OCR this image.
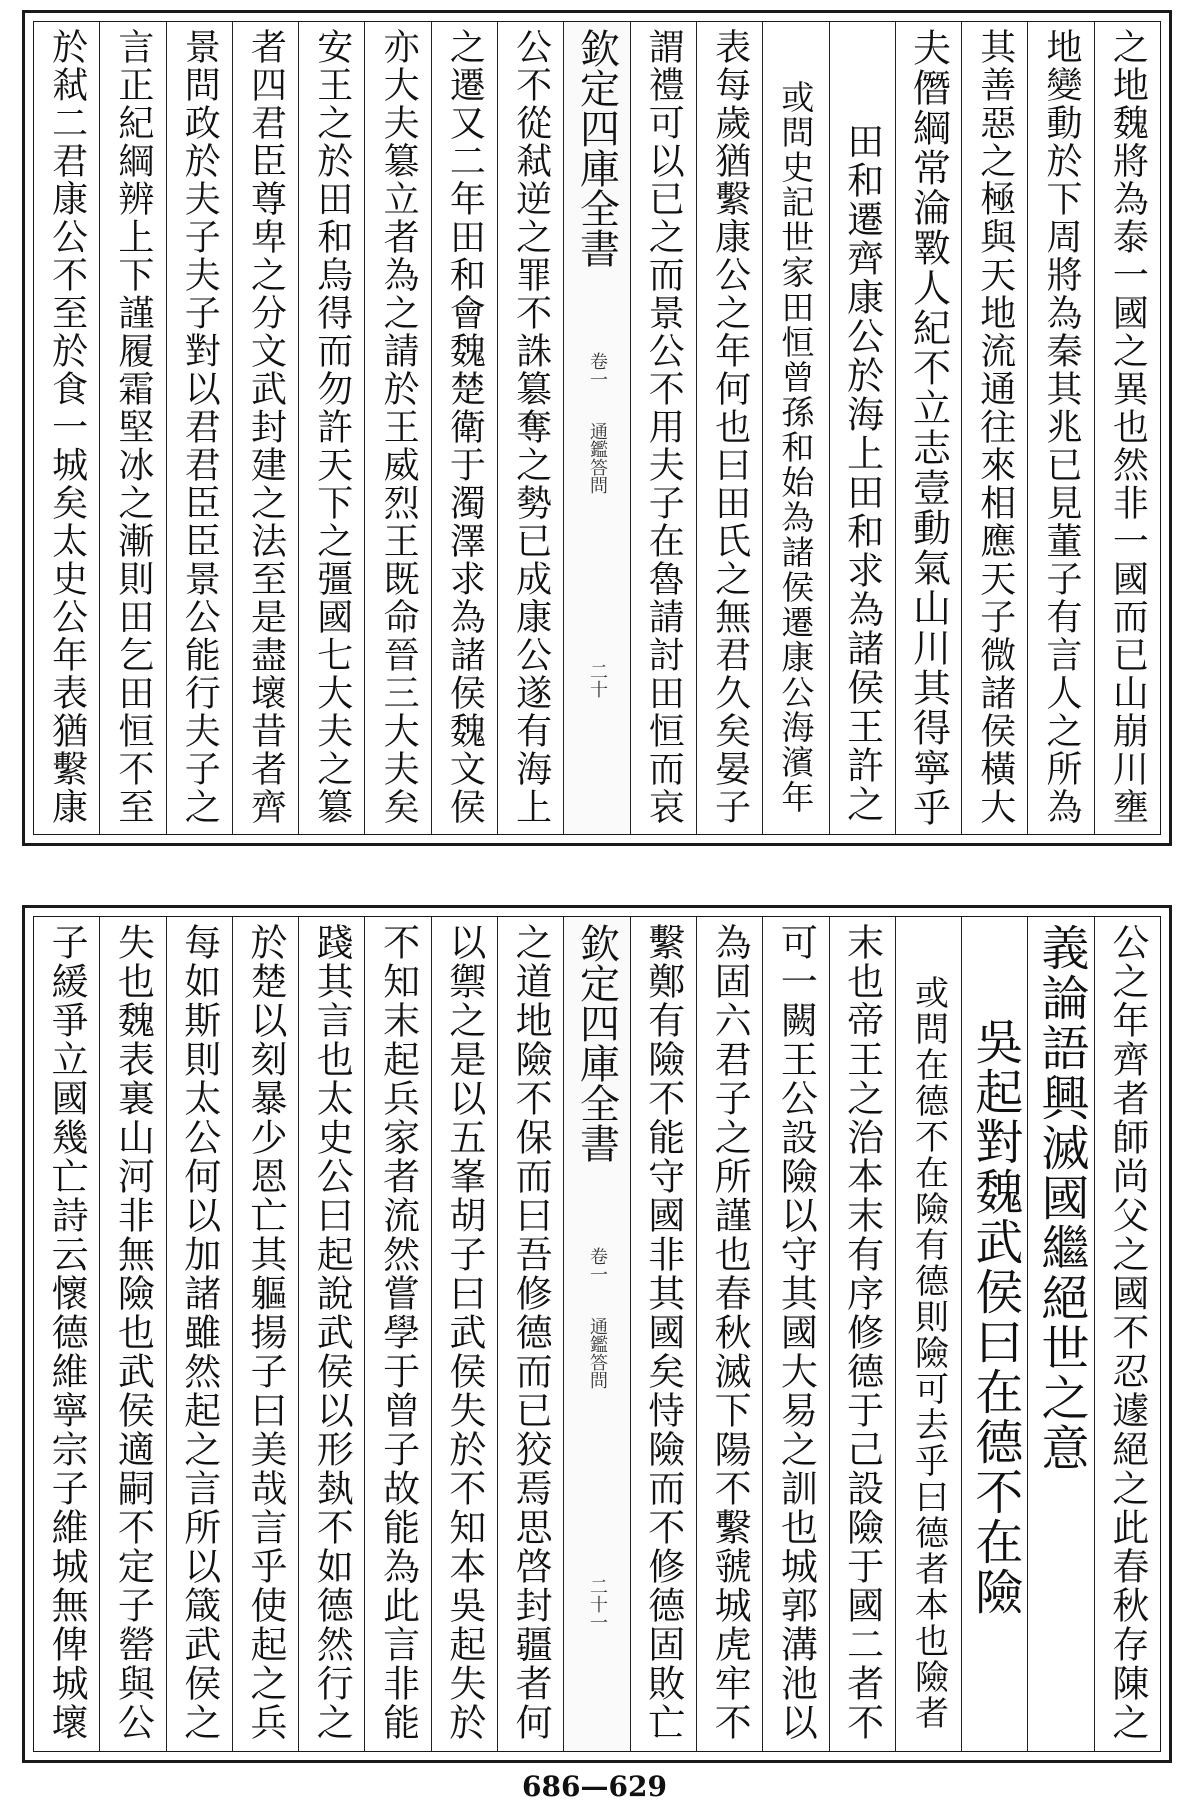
之地魏將為泰一國之異也然非一國而已山崩川壅
地變動於下周將為秦其兆已見董子有言人之所為
其善惡之極與天地流通往來相應天子微諸侯橫大
夫僭綱常淪斁人紀不立志壹動氣山川其得寧乎
田和遷齊康公於海上田和求為諸侯王許之
或問史記世家田恒曾孫和始為諸侯遷康公海濱年
表每歲猶繫康公之年何也曰田氏之無君久矣晏子
謂禮可以已之而景公不用夫子在魯請討田恒而哀
欽定四庫全書
卷一
通鑑答問
二十
公不從弒逆之罪不誅簒奪之勢已成康公遂有海上
之遷又二年田和會魏楚衛于濁澤求為諸侯魏文侯
亦大夫簒立者為之請於王威烈王既命晉三大夫矣
安王之於田和烏得而勿許天下之彊國七大夫之簒
者四君臣尊卑之分文武封建之法至是盡壞昔者齊
景問政於夫子夫子對以君君臣臣景公能行夫子之
言正紀綱辨上下謹履霜堅冰之漸則田乞田恒不至
於弒二君康公不至於食一城矣太史公年表猶繫康
公之年齊者師尚父之國不忍遽絕之此春秋存陳之
義論語興滅國繼絕世之意
吳起對魏武侯曰在德不在險
或問在德不在險有德則險可去乎曰德者本也險者
末也帝王之治本末有序修德于己設險于國二者不
可一闕王公設險以守其國大易之訓也城郭溝池以
為固六君子之所謹也春秋滅下陽不繫虢城虎牢不
繫鄭有險不能守國非其國矣恃險而不修德固敗亡
欽定四庫全書
卷一
通鑑答問
二十一
之道地險不保而曰吾修德而已狡焉思啓封疆者何
以禦之是以五峯胡子曰武侯失於不知本吳起失於
不知末起兵家者流然嘗學于曾子故能為此言非能
踐其言也太史公曰起說武侯以形埶不如德然行之
於楚以刻暴少恩亡其軀揚子曰美哉言乎使起之兵
每如斯則太公何以加諸雖然起之言所以箴武侯之
失也魏表裏山河非無險也武侯適嗣不定子罃與公
子緩爭立國幾亡詩云懷德維寧宗子維城無俾城壞
686—629
